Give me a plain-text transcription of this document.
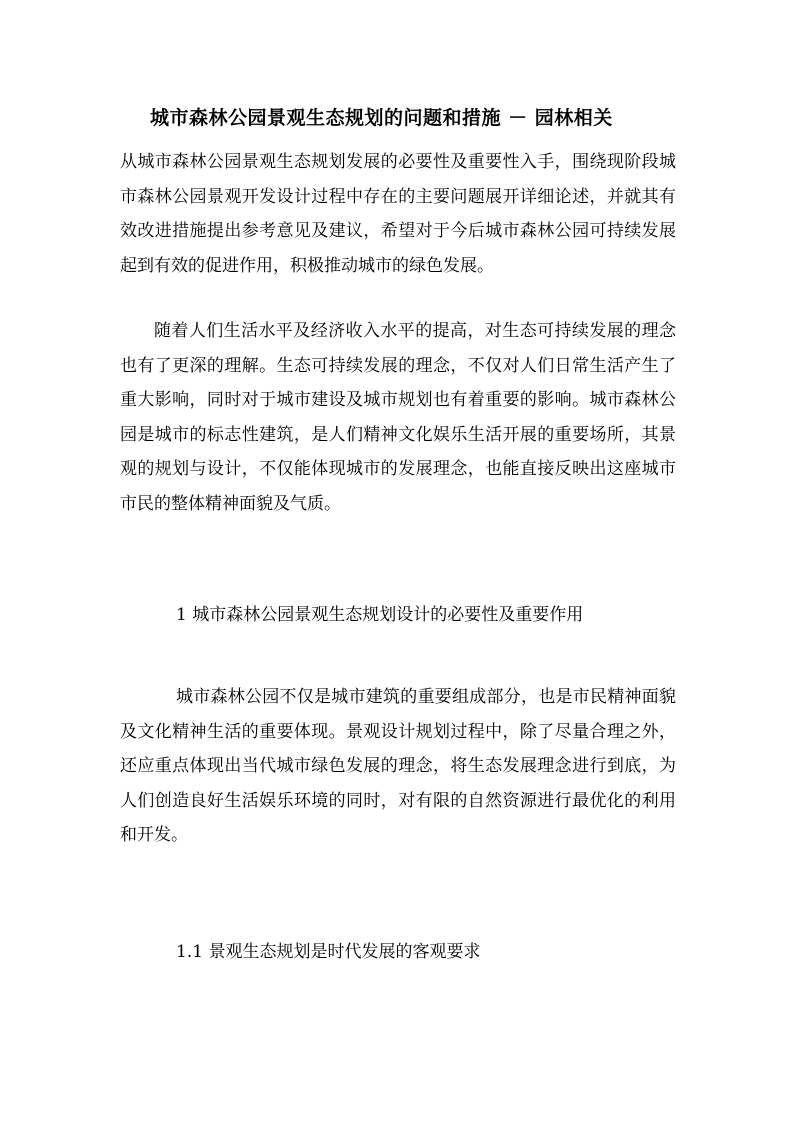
城市森林公园景观生态规划的问题和措施 － 园林相关

从城市森林公园景观生态规划发展的必要性及重要性入手，围绕现阶段城市森林公园景观开发设计过程中存在的主要问题展开详细论述，并就其有效改进措施提出参考意见及建议，希望对于今后城市森林公园可持续发展起到有效的促进作用，积极推动城市的绿色发展。

随着人们生活水平及经济收入水平的提高，对生态可持续发展的理念也有了更深的理解。生态可持续发展的理念，不仅对人们日常生活产生了重大影响，同时对于城市建设及城市规划也有着重要的影响。城市森林公园是城市的标志性建筑，是人们精神文化娱乐生活开展的重要场所，其景观的规划与设计，不仅能体现城市的发展理念，也能直接反映出这座城市市民的整体精神面貌及气质。

1 城市森林公园景观生态规划设计的必要性及重要作用

城市森林公园不仅是城市建筑的重要组成部分，也是市民精神面貌及文化精神生活的重要体现。景观设计规划过程中，除了尽量合理之外，还应重点体现出当代城市绿色发展的理念，将生态发展理念进行到底，为人们创造良好生活娱乐环境的同时，对有限的自然资源进行最优化的利用和开发。

1.1 景观生态规划是时代发展的客观要求
